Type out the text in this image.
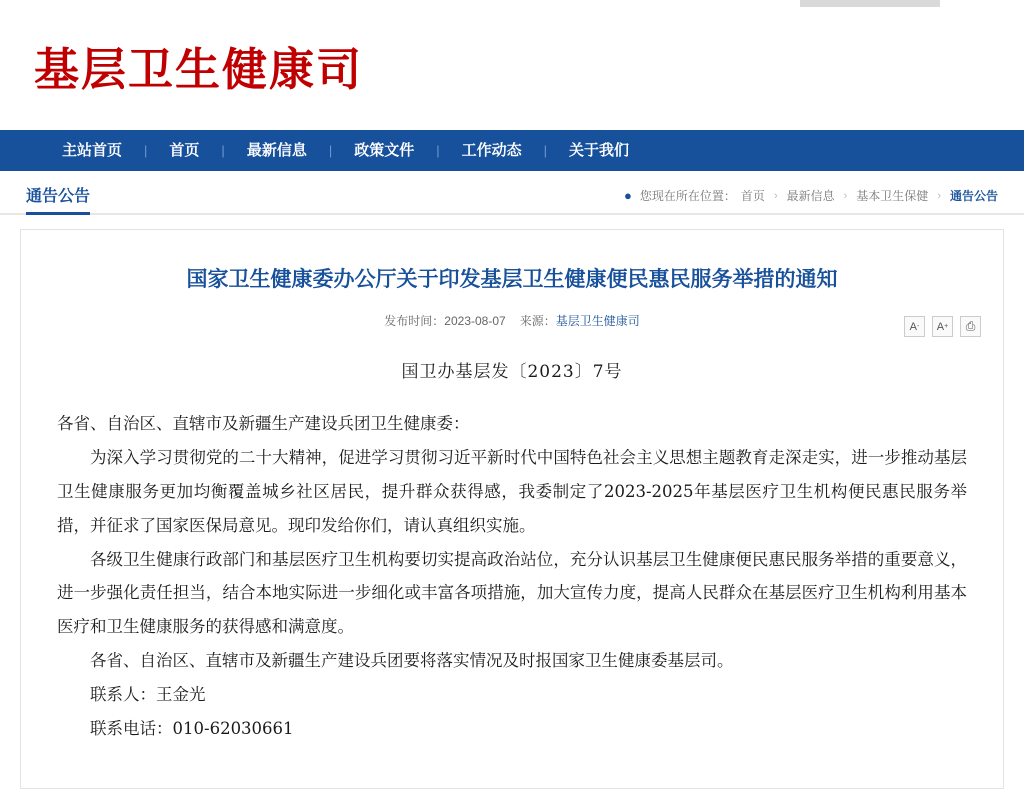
基层卫生健康司
主站首页	|	首页	|	最新信息	|	政策文件	|	工作动态	|	关于我们
通告公告	● 您现在所在位置： 首页 › 最新信息 › 基本卫生保健 › 通告公告
国家卫生健康委办公厅关于印发基层卫生健康便民惠民服务举措的通知
发布时间：2023-08-07 来源：基层卫生健康司	A - A + ⎙
国卫办基层发〔2023〕7号

各省、自治区、直辖市及新疆生产建设兵团卫生健康委：

为深入学习贯彻党的二十大精神，促进学习贯彻习近平新时代中国特色社会主义思想主题教育走深走实，进一步推动基层卫生健康服务更加均衡覆盖城乡社区居民，提升群众获得感，我委制定了2023-2025年基层医疗卫生机构便民惠民服务举措，并征求了国家医保局意见。现印发给你们，请认真组织实施。

各级卫生健康行政部门和基层医疗卫生机构要切实提高政治站位，充分认识基层卫生健康便民惠民服务举措的重要意义，进一步强化责任担当，结合本地实际进一步细化或丰富各项措施，加大宣传力度，提高人民群众在基层医疗卫生机构利用基本医疗和卫生健康服务的获得感和满意度。

各省、自治区、直辖市及新疆生产建设兵团要将落实情况及时报国家卫生健康委基层司。

联系人：王金光

联系电话：010-62030661
